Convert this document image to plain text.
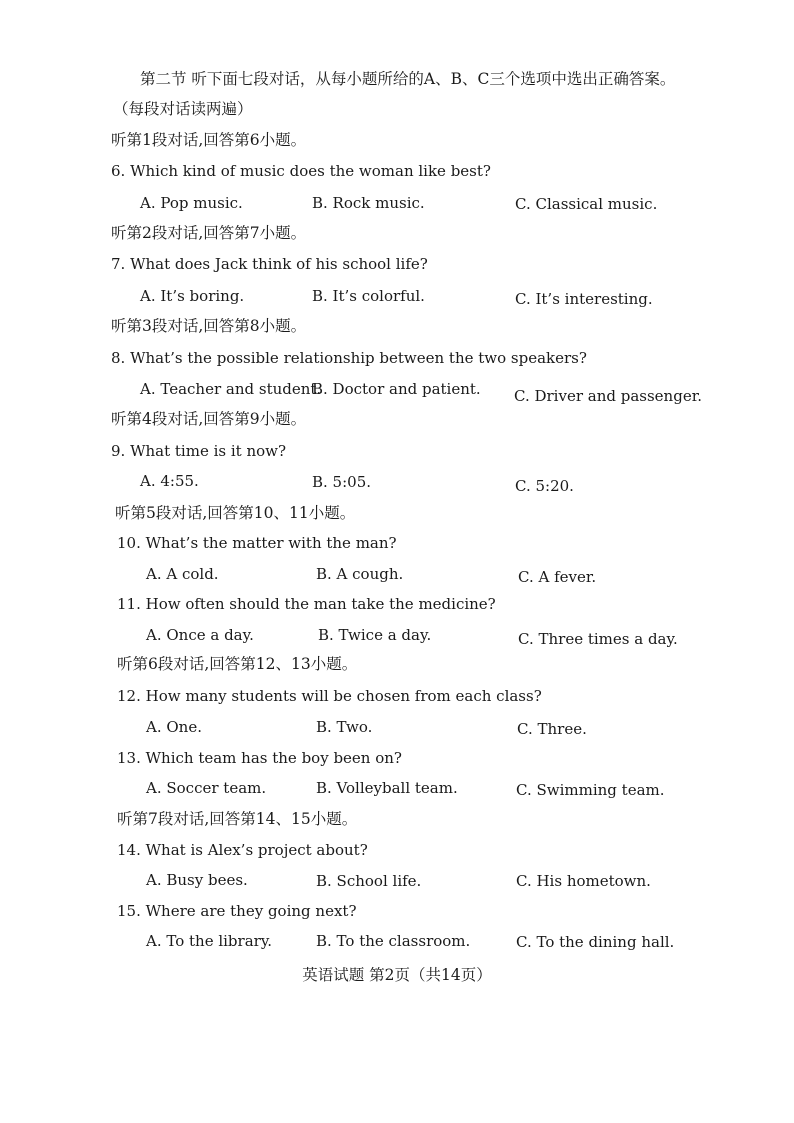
第二节 听下面七段对话，从每小题所给的A、B、C三个选项中选出正确答案。
（每段对话读两遍）
听第1段对话,回答第6小题。
6. Which kind of music does the woman like best?
A. Pop music.	B. Rock music.	C. Classical music.
听第2段对话,回答第7小题。
7. What does Jack think of his school life?
A. It’s boring.	B. It’s colorful.	C. It’s interesting.
听第3段对话,回答第8小题。
8. What’s the possible relationship between the two speakers?
A. Teacher and student.
B. Doctor and patient. C. Driver and passenger.
听第4段对话,回答第9小题。
9. What time is it now?
A. 4:55.	B. 5:05.	C. 5:20.
听第5段对话,回答第10、11小题。
10. What’s the matter with the man?
A. A cold.	B. A cough.	C. A fever.
11. How often should the man take the medicine?
A. Once a day.	B. Twice a day.	C. Three times a day.
听第6段对话,回答第12、13小题。
12. How many students will be chosen from each class?
A. One.	B. Two.	C. Three.
13. Which team has the boy been on?
A. Soccer team.	B. Volleyball team.	C. Swimming team.
听第7段对话,回答第14、15小题。
14. What is Alex’s project about?
A. Busy bees.	B. School life.	C. His hometown.
15. Where are they going next?
A. To the library.	B. To the classroom.	C. To the dining hall.
英语试题 第2页（共14页）
